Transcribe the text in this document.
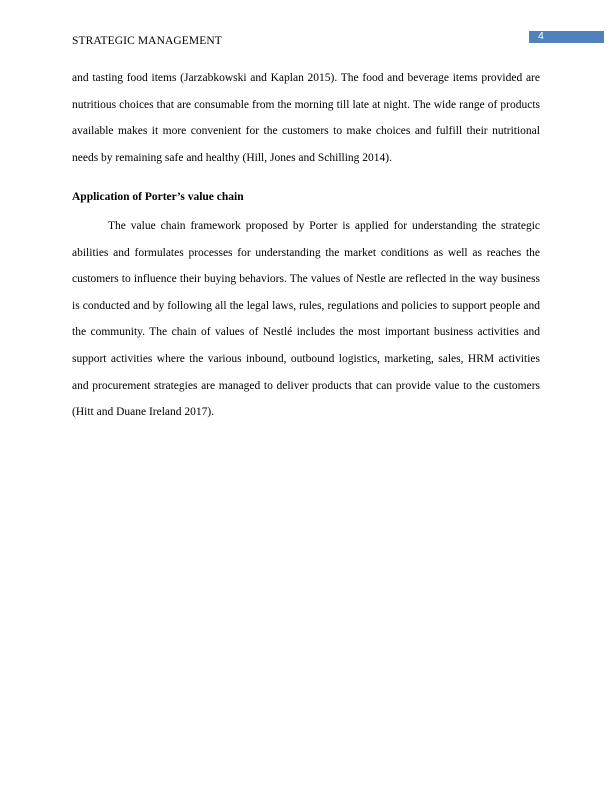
STRATEGIC MANAGEMENT	4

and tasting food items (Jarzabkowski and Kaplan 2015). The food and beverage items provided are nutritious choices that are consumable from the morning till late at night. The wide range of products available makes it more convenient for the customers to make choices and fulfill their nutritional needs by remaining safe and healthy (Hill, Jones and Schilling 2014).

Application of Porter’s value chain

The value chain framework proposed by Porter is applied for understanding the strategic abilities and formulates processes for understanding the market conditions as well as reaches the customers to influence their buying behaviors. The values of Nestle are reflected in the way business is conducted and by following all the legal laws, rules, regulations and policies to support people and the community. The chain of values of Nestlé includes the most important business activities and support activities where the various inbound, outbound logistics, marketing, sales, HRM activities and procurement strategies are managed to deliver products that can provide value to the customers (Hitt and Duane Ireland 2017).
